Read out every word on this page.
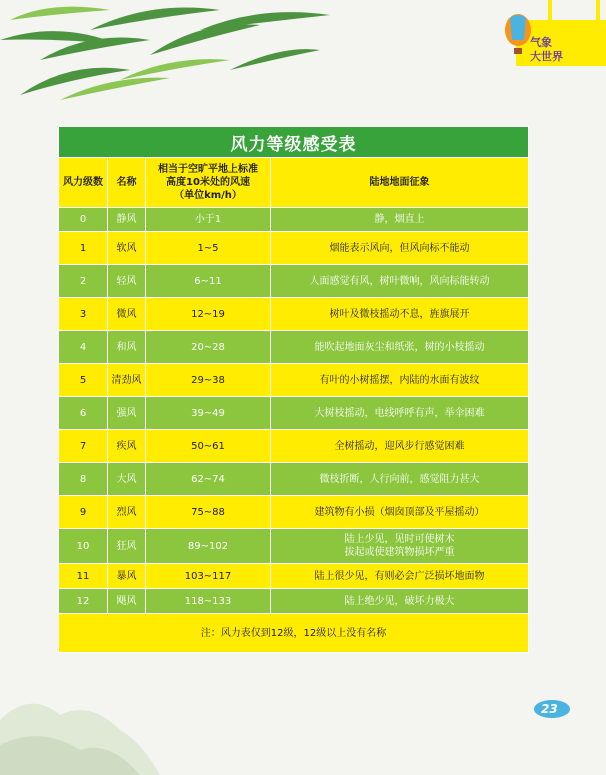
气象
大世界
23
风力等级感受表			
风力级数	名称	相当于空旷平地上标准
高度10米处的风速
（单位km/h）	陆地地面征象
0	静风	小于1	静，烟直上
1	软风	1~5	烟能表示风向，但风向标不能动
2	轻风	6~11	人面感觉有风，树叶微响，风向标能转动
3	微风	12~19	树叶及微枝摇动不息，旌旗展开
4	和风	20~28	能吹起地面灰尘和纸张，树的小枝摇动
5	清劲风	29~38	有叶的小树摇摆，内陆的水面有波纹
6	强风	39~49	大树枝摇动，电线呼呼有声，举伞困难
7	疾风	50~61	全树摇动，迎风步行感觉困难
8	大风	62~74	微枝折断，人行向前，感觉阻力甚大
9	烈风	75~88	建筑物有小损（烟囱顶部及平屋摇动）
10	狂风	89~102	陆上少见，见时可使树木
拔起或使建筑物损坏严重

11	暴风	103~117	陆上很少见，有则必会广泛损坏地面物
12	飓风	118~133	陆上绝少见，破坏力极大
注：风力表仅到12级，12级以上没有名称			
